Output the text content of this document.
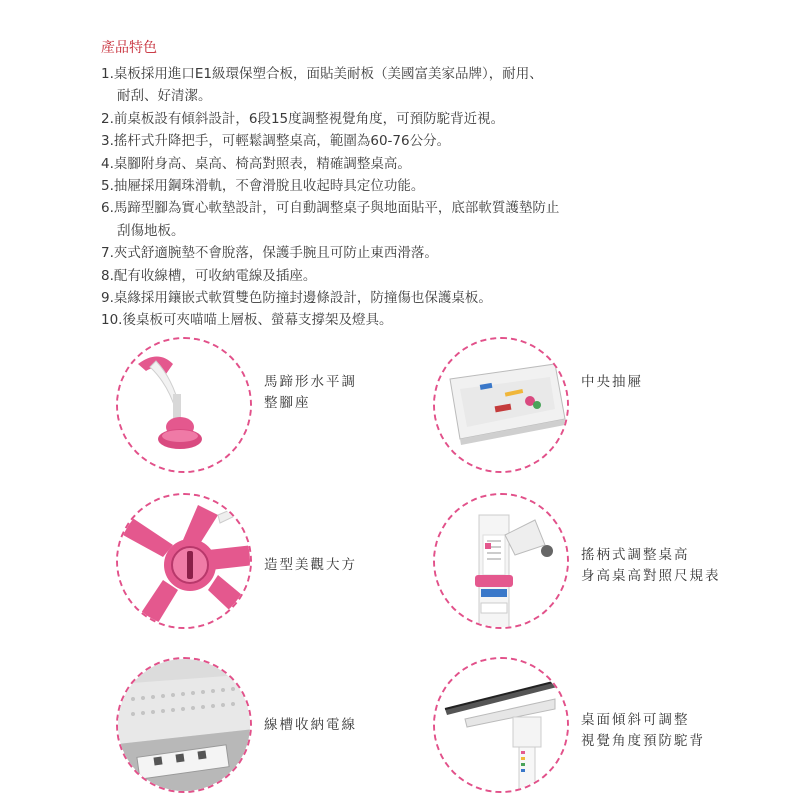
產品特色

1.桌板採用進口E1級環保塑合板，面貼美耐板（美國富美家品牌），耐用、
耐刮、好清潔。

2.前桌板設有傾斜設計，6段15度調整視覺角度，可預防駝背近視。

3.搖杆式升降把手，可輕鬆調整桌高，範圍為60-76公分。

4.桌腳附身高、桌高、椅高對照表，精確調整桌高。

5.抽屜採用鋼珠滑軌，不會滑脫且收起時具定位功能。

6.馬蹄型腳為實心軟墊設計，可自動調整桌子與地面貼平，底部軟質護墊防止
刮傷地板。

7.夾式舒適腕墊不會脫落，保護手腕且可防止東西滑落。

8.配有收線槽，可收納電線及插座。

9.桌緣採用鑲嵌式軟質雙色防撞封邊條設計，防撞傷也保護桌板。

10.後桌板可夾喵喵上層板、螢幕支撐架及燈具。

馬蹄形水平調
整腳座
中央抽屜
造型美觀大方
搖柄式調整桌高
身高桌高對照尺規表
線槽收納電線	桌面傾斜可調整
視覺角度預防駝背
